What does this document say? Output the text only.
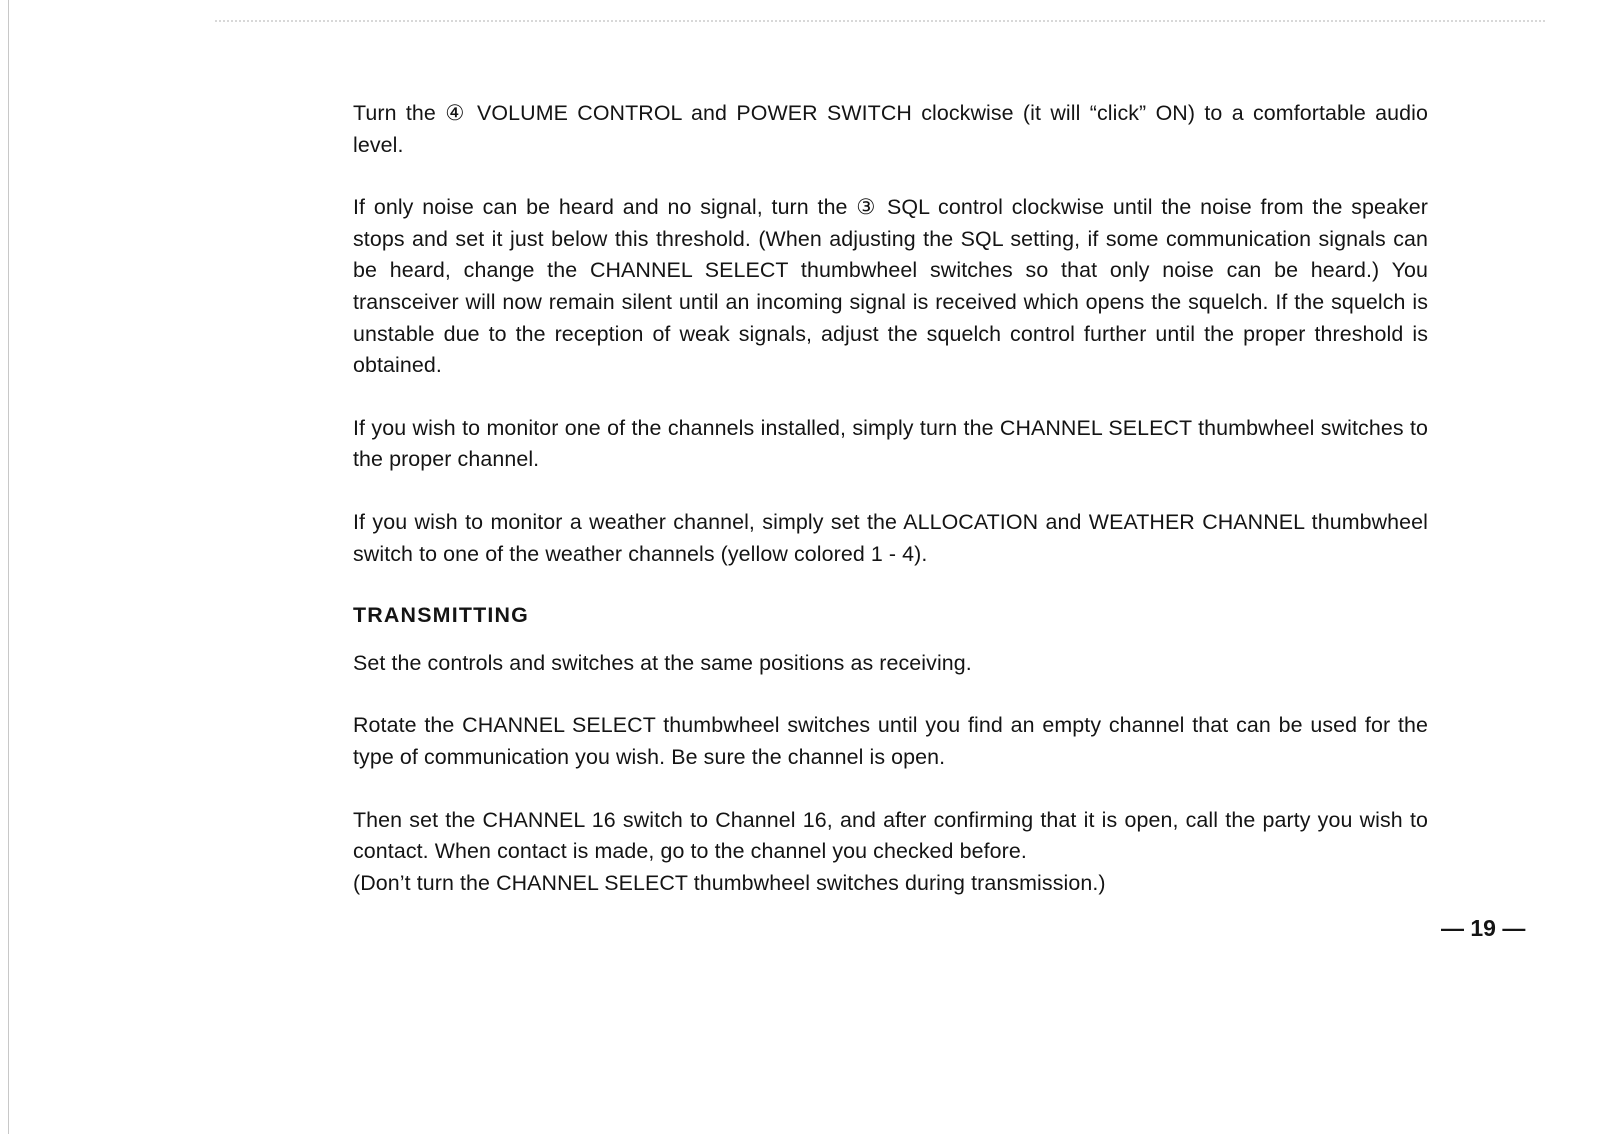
Turn the ④ VOLUME CONTROL and POWER SWITCH clockwise (it will “click” ON) to a comfortable audio level.

If only noise can be heard and no signal, turn the ③ SQL control clockwise until the noise from the speaker stops and set it just below this threshold. (When adjusting the SQL setting, if some communication signals can be heard, change the CHANNEL SELECT thumbwheel switches so that only noise can be heard.) You transceiver will now remain silent until an incoming signal is received which opens the squelch. If the squelch is unstable due to the reception of weak signals, adjust the squelch control further until the proper threshold is obtained.

If you wish to monitor one of the channels installed, simply turn the CHANNEL SELECT thumbwheel switches to the proper channel.

If you wish to monitor a weather channel, simply set the ALLOCATION and WEATHER CHANNEL thumbwheel switch to one of the weather channels (yellow colored 1 - 4).

TRANSMITTING

Set the controls and switches at the same positions as receiving.

Rotate the CHANNEL SELECT thumbwheel switches until you find an empty channel that can be used for the type of communication you wish. Be sure the channel is open.

Then set the CHANNEL 16 switch to Channel 16, and after confirming that it is open, call the party you wish to contact. When contact is made, go to the channel you checked before.

(Don’t turn the CHANNEL SELECT thumbwheel switches during transmission.)

— 19 —
